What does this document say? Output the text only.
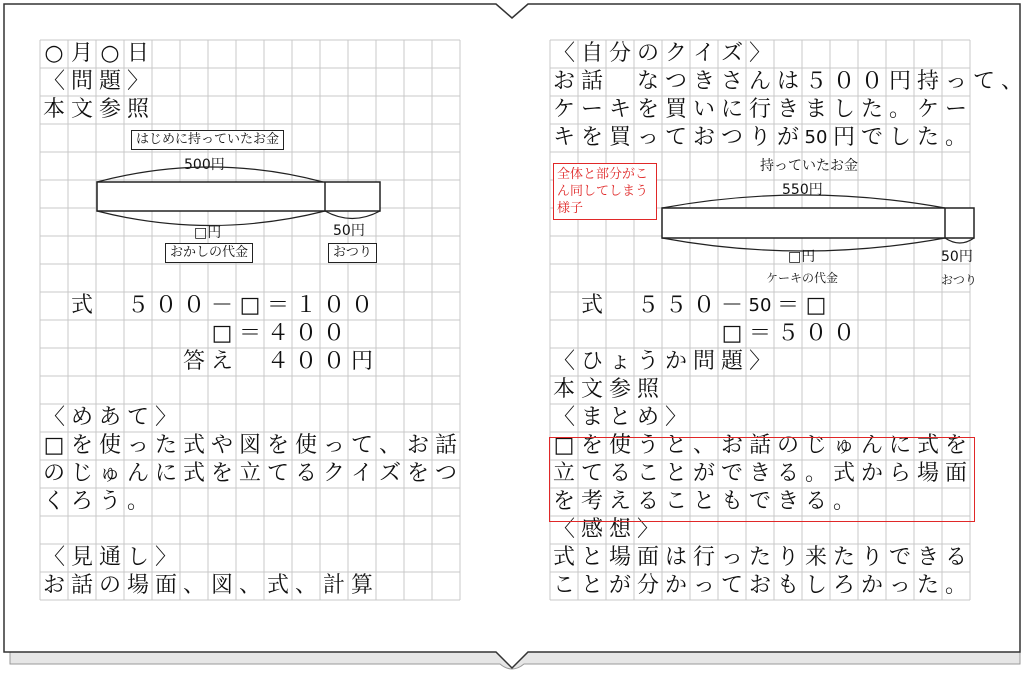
○ 月 ○ 日
〈 問 題 〉
本 文 参 照
式
　 ５ ０ ０ － □ ＝ １ ０ ０
□ ＝ ４ ０ ０
答 え
　 ４ ０ ０ 円
〈 め あ て 〉
□ を 使 っ た 式 や 図 を 使 っ て 、 お 話
の じ ゅ ん に 式 を 立 て る ク イ ズ を つ
く ろ う 。
〈 見 通 し 〉
お 話 の 場 面 、 図 、 式 、 計 算
〈 自 分 の ク イ ズ 〉
お 話
　 な つ き さ ん は ５ ０ ０ 円 持 っ て 、
ケ ー キ を 買 い に 行 き ま し た 。 ケ ー
キ を 買 っ て お つ り が 50 円 で し た 。
式
　 ５ ５ ０ － 50 ＝ □
□ ＝ ５ ０ ０
〈 ひ ょ う か 問 題 〉
本 文 参 照
〈 ま と め 〉
□ を 使 う と 、 お 話 の じ ゅ ん に 式 を
立 て る こ と が で き る 。 式 か ら 場 面
を 考 え る こ と も で き る 。
〈 感 想 〉
式 と 場 面 は 行 っ た り 来 た り で き る
こ と が 分 か っ て お も し ろ か っ た 。
はじめに持っていたお金
500円
□円
おかしの代金
50円
おつり
全体と部分がこん同してしまう様子
持っていたお金
550円
□円
ケーキの代金
50円
おつり
